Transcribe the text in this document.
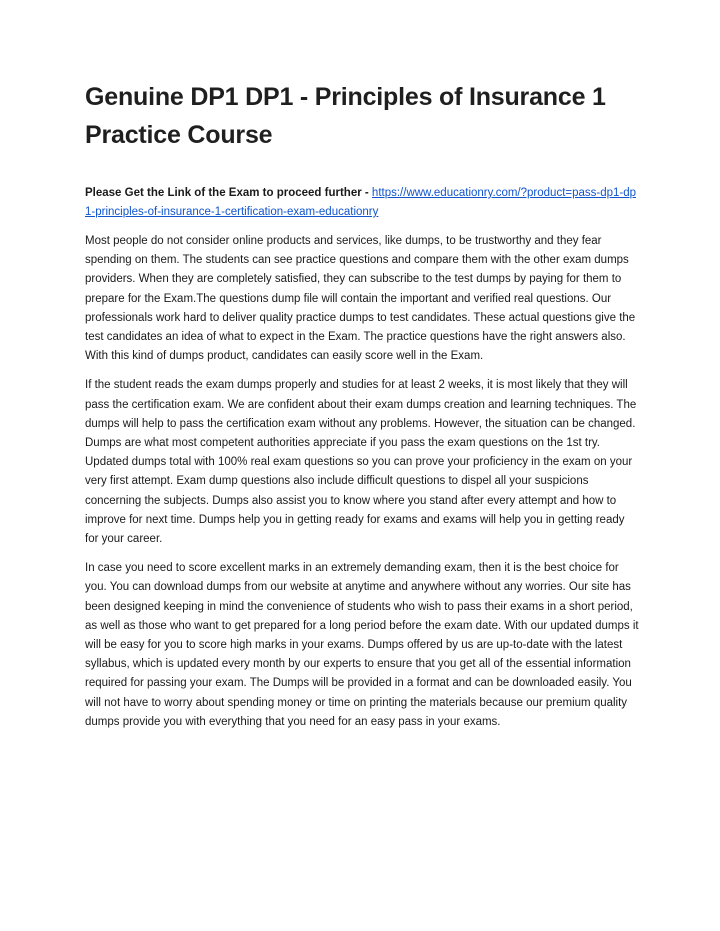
Genuine DP1 DP1 - Principles of Insurance 1 Practice Course

Please Get the Link of the Exam to proceed further - https://www.educationry.com/?product=pass-dp1-dp1-principles-of-insurance-1-certification-exam-educationry

Most people do not consider online products and services, like dumps, to be trustworthy and they fear spending on them. The students can see practice questions and compare them with the other exam dumps providers. When they are completely satisfied, they can subscribe to the test dumps by paying for them to prepare for the Exam.The questions dump file will contain the important and verified real questions. Our professionals work hard to deliver quality practice dumps to test candidates. These actual questions give the test candidates an idea of what to expect in the Exam. The practice questions have the right answers also. With this kind of dumps product, candidates can easily score well in the Exam.

If the student reads the exam dumps properly and studies for at least 2 weeks, it is most likely that they will pass the certification exam. We are confident about their exam dumps creation and learning techniques. The dumps will help to pass the certification exam without any problems. However, the situation can be changed. Dumps are what most competent authorities appreciate if you pass the exam questions on the 1st try. Updated dumps total with 100% real exam questions so you can prove your proficiency in the exam on your very first attempt. Exam dump questions also include difficult questions to dispel all your suspicions concerning the subjects. Dumps also assist you to know where you stand after every attempt and how to improve for next time. Dumps help you in getting ready for exams and exams will help you in getting ready for your career.

In case you need to score excellent marks in an extremely demanding exam, then it is the best choice for you. You can download dumps from our website at anytime and anywhere without any worries. Our site has been designed keeping in mind the convenience of students who wish to pass their exams in a short period, as well as those who want to get prepared for a long period before the exam date. With our updated dumps it will be easy for you to score high marks in your exams. Dumps offered by us are up-to-date with the latest syllabus, which is updated every month by our experts to ensure that you get all of the essential information required for passing your exam. The Dumps will be provided in a format and can be downloaded easily. You will not have to worry about spending money or time on printing the materials because our premium quality dumps provide you with everything that you need for an easy pass in your exams.
